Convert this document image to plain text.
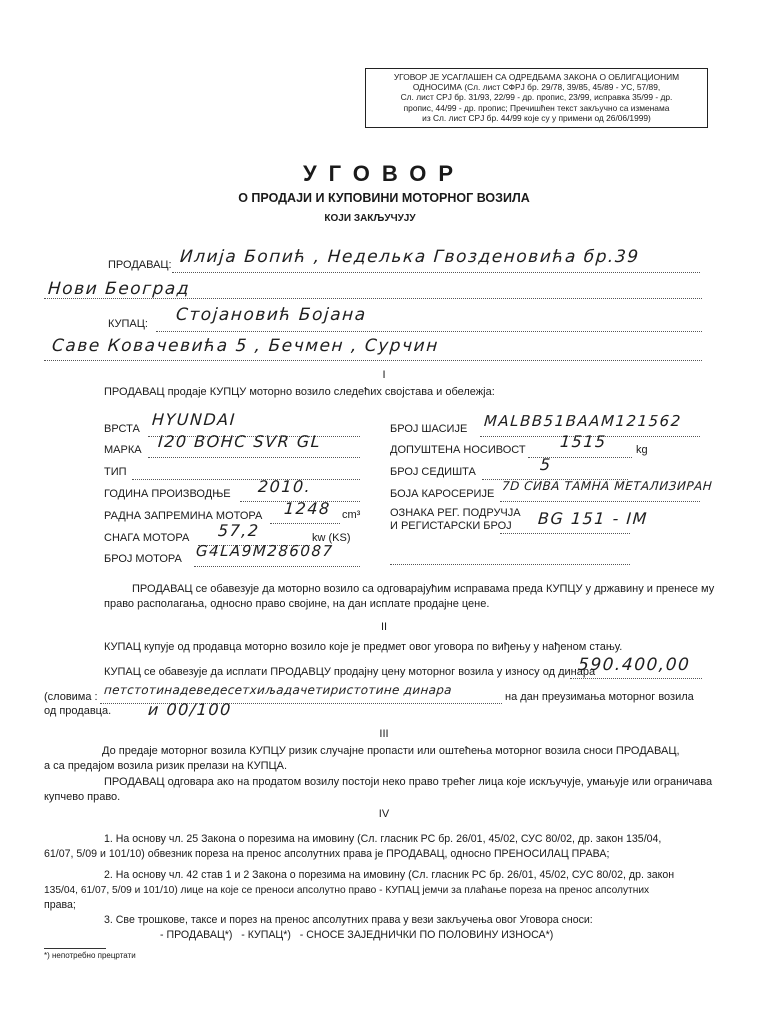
УГОВОР ЈЕ УСАГЛАШЕН СА ОДРЕДБАМА ЗАКОНА О ОБЛИГАЦИОНИМ
ОДНОСИМА (Сл. лист СФРЈ бр. 29/78, 39/85, 45/89 - УС, 57/89,
Сл. лист СРЈ бр. 31/93, 22/99 - др. пропис, 23/99, исправка 35/99 - др.
пропис, 44/99 - др. пропис; Пречишћен текст закључно са изменама
из Сл. лист СРЈ бр. 44/99 које су у примени од 26/06/1999)
УГОВОР
О ПРОДАЈИ И КУПОВИНИ МОТОРНОГ ВОЗИЛА
КОЈИ ЗАКЉУЧУЈУ
ПРОДАВАЦ: Илија Бопић , Неделька Гвозденовића бр.39
Нови Београд
КУПАЦ: Стојановић Бојана
Саве Ковачевића 5 , Бечмен , Сурчин
I
ПРОДАВАЦ продаје КУПЦУ моторно возило следећих својстава и обележја:
ВРСТА HYUNDAI
МАРКА I20 BOHC SVR GL
ТИП
ГОДИНА ПРОИЗВОДЊЕ 2010.
РАДНА ЗАПРЕМИНА МОТОРА 1248 cm³
СНАГА МОТОРА 57,2	kw (KS)
БРОЈ МОТОРА G4LA9M286087
БРОЈ ШАСИЈЕ MALBB51BAAM121562
ДОПУШТЕНА НОСИВОСТ 1515	kg
БРОЈ СЕДИШТА	5
БОЈА КАРОСЕРИЈЕ
7D СИВА ТАМНА МЕТАЛИЗИРАН
ОЗНАКА РЕГ. ПОДРУЧЈА
И РЕГИСТАРСКИ БРОЈ BG 151 - IM
ПРОДАВАЦ се обавезује да моторно возило са одговарајућим исправама преда КУПЦУ у државину и пренесе му
право располагања, односно право својине, на дан исплате продајне цене.
II
КУПАЦ купује од продавца моторно возило које је предмет овог уговора по виђењу у нађеном стању.
КУПАЦ се обавезује да исплати ПРОДАВЦУ продајну цену моторног возила у износу од динара
590.400,00
(словима : петстотинадеведесетхиљадачетиристотине динара	на дан преузимања моторног возила
од продавца. и 00/100
III
До предаје моторног возила КУПЦУ ризик случајне пропасти или оштећења моторног возила сноси ПРОДАВАЦ,
а са предајом возила ризик прелази на КУПЦА.
ПРОДАВАЦ одговара ако на продатом возилу постоји неко право трећег лица које искључује, умањује или ограничава
купчево право.
IV
1. На основу чл. 25 Закона о порезима на имовину (Сл. гласник РС бр. 26/01, 45/02, СУС 80/02, др. закон 135/04,
61/07, 5/09 и 101/10) обвезник пореза на пренос апсолутних права је ПРОДАВАЦ, односно ПРЕНОСИЛАЦ ПРАВА;
2. На основу чл. 42 став 1 и 2 Закона о порезима на имовину (Сл. гласник РС бр. 26/01, 45/02, СУС 80/02, др. закон
135/04, 61/07, 5/09 и 101/10) лице на које се преноси апсолутно право - КУПАЦ јемчи за плаћање пореза на пренос апсолутних
права;
3. Све трошкове, таксе и порез на пренос апсолутних права у вези закључења овог Уговора сноси:
- ПРОДАВАЦ*)   - КУПАЦ*)   - СНОСЕ ЗАЈЕДНИЧКИ ПО ПОЛОВИНУ ИЗНОСА*)
*) непотребно прецртати
